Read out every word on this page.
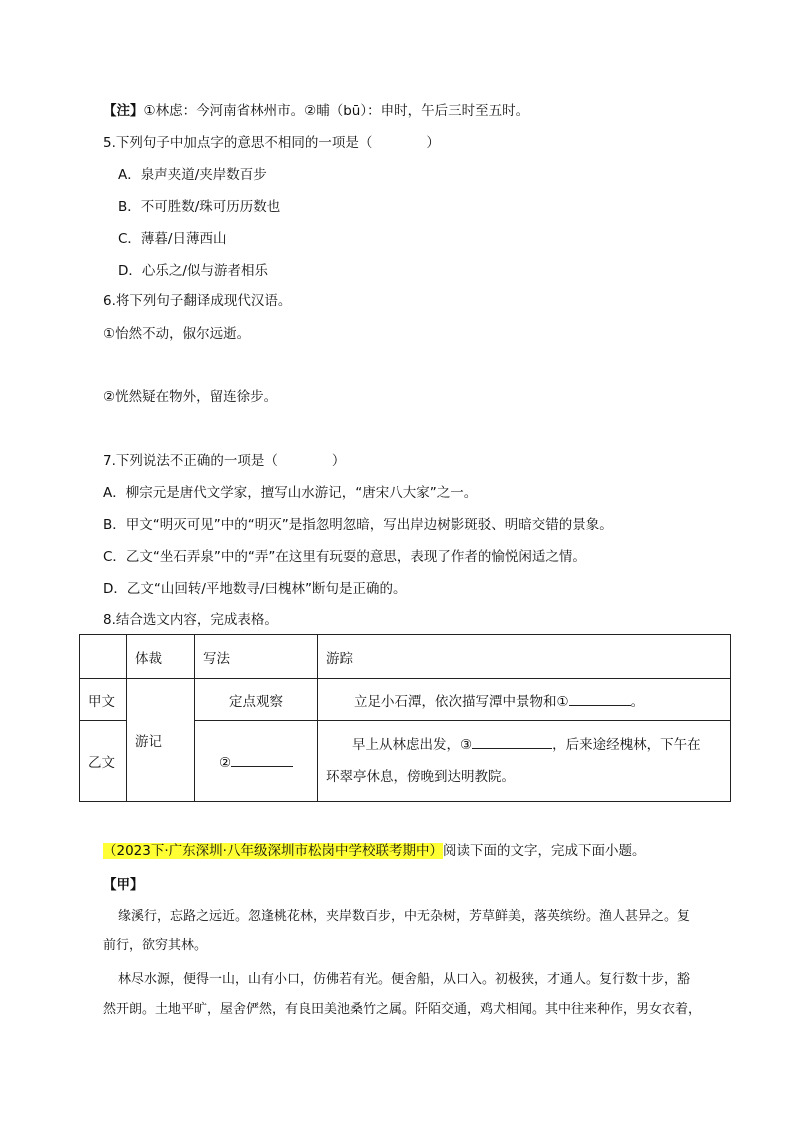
【注】①林虑：今河南省林州市。②晡（bū）：申时，午后三时至五时。
5.下列句子中加点字的意思不相同的一项是（　　　　）
A．泉声夹道/夹岸数百步
B．不可胜数/珠可历历数也
C．薄暮/日薄西山
D．心乐之/似与游者相乐
6.将下列句子翻译成现代汉语。
①怡然不动，俶尔远逝。
②恍然疑在物外，留连徐步。
7.下列说法不正确的一项是（　　　　）
A．柳宗元是唐代文学家，擅写山水游记，“唐宋八大家”之一。
B．甲文“明灭可见”中的“明灭”是指忽明忽暗，写出岸边树影斑驳、明暗交错的景象。
C．乙文“坐石弄泉”中的“弄”在这里有玩耍的意思，表现了作者的愉悦闲适之情。
D．乙文“山回转/平地数寻/曰槐林”断句是正确的。
8.结合选文内容，完成表格。
	体裁	写法	游踪
甲文	游记	定点观察	立足小石潭，依次描写潭中景物和① 。
乙文		②	早上从林虑出发，③ ，后来途经槐林，下午在
环翠亭休息，傍晚到达明教院。
（2023下·广东深圳·八年级深圳市松岗中学校联考期中）阅读下面的文字，完成下面小题。
【甲】
缘溪行，忘路之远近。忽逢桃花林，夹岸数百步，中无杂树，芳草鲜美，落英缤纷。渔人甚异之。复
前行，欲穷其林。
林尽水源，便得一山，山有小口，仿佛若有光。便舍船，从口入。初极狭，才通人。复行数十步，豁
然开朗。土地平旷，屋舍俨然，有良田美池桑竹之属。阡陌交通，鸡犬相闻。其中往来种作，男女衣着，
